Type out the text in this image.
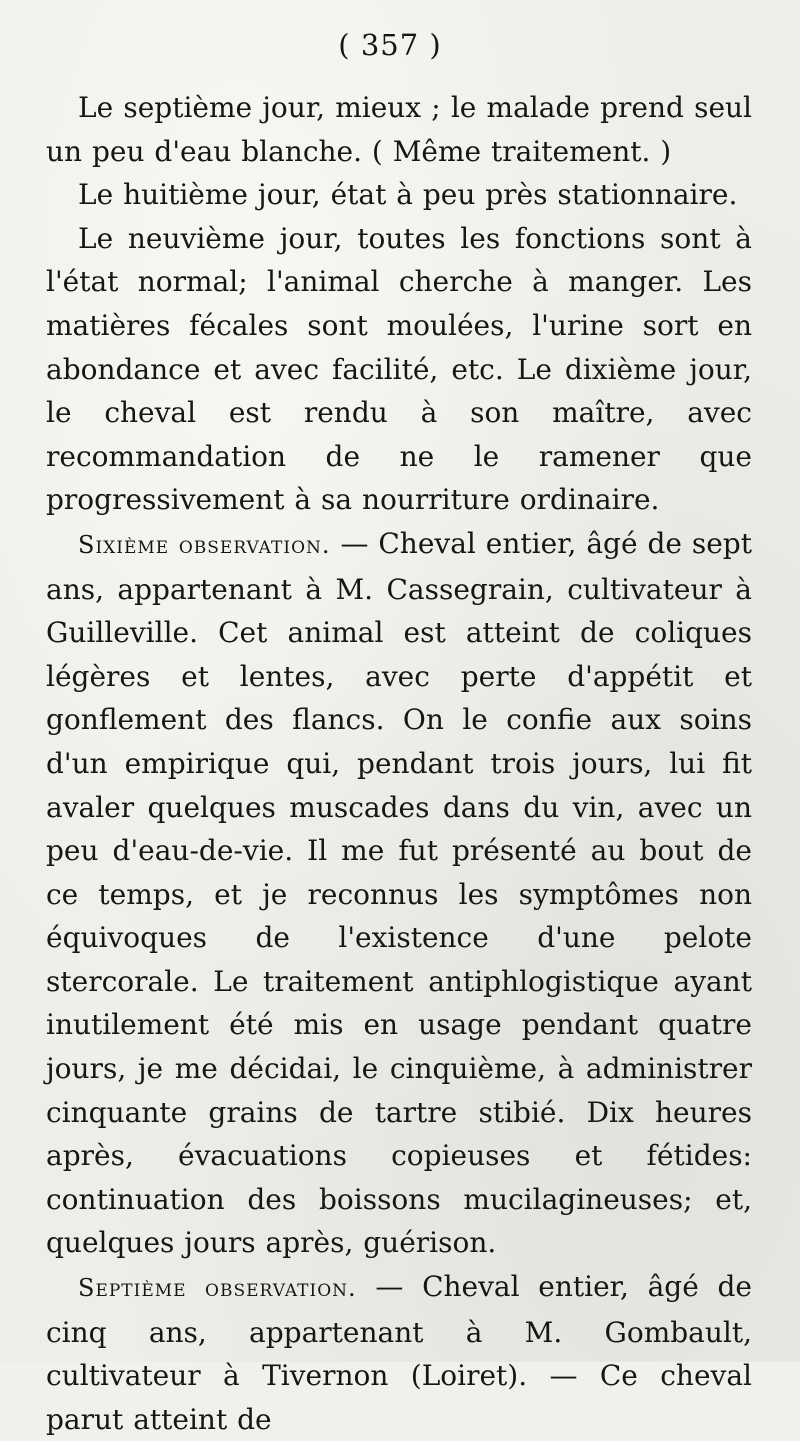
( 357 )

Le septième jour, mieux ; le malade prend seul un peu d'eau blanche. ( Même traitement. )

Le huitième jour, état à peu près stationnaire.

Le neuvième jour, toutes les fonctions sont à l'état normal; l'animal cherche à manger. Les matières fécales sont moulées, l'urine sort en abondance et avec facilité, etc. Le dixième jour, le cheval est rendu à son maître, avec recommandation de ne le ramener que progressivement à sa nourriture ordinaire.

Sixième observation. — Cheval entier, âgé de sept ans, appartenant à M. Cassegrain, cultivateur à Guilleville. Cet animal est atteint de coliques légères et lentes, avec perte d'appétit et gonflement des flancs. On le confie aux soins d'un empirique qui, pendant trois jours, lui fit avaler quelques muscades dans du vin, avec un peu d'eau-de-vie. Il me fut présenté au bout de ce temps, et je reconnus les symptômes non équivoques de l'existence d'une pelote stercorale. Le traitement antiphlogistique ayant inutilement été mis en usage pendant quatre jours, je me décidai, le cinquième, à administrer cinquante grains de tartre stibié. Dix heures après, évacuations copieuses et fétides: continuation des boissons mucilagineuses; et, quelques jours après, guérison.

Septième observation. — Cheval entier, âgé de cinq ans, appartenant à M. Gombault, cultivateur à Tivernon (Loiret). — Ce cheval parut atteint de
